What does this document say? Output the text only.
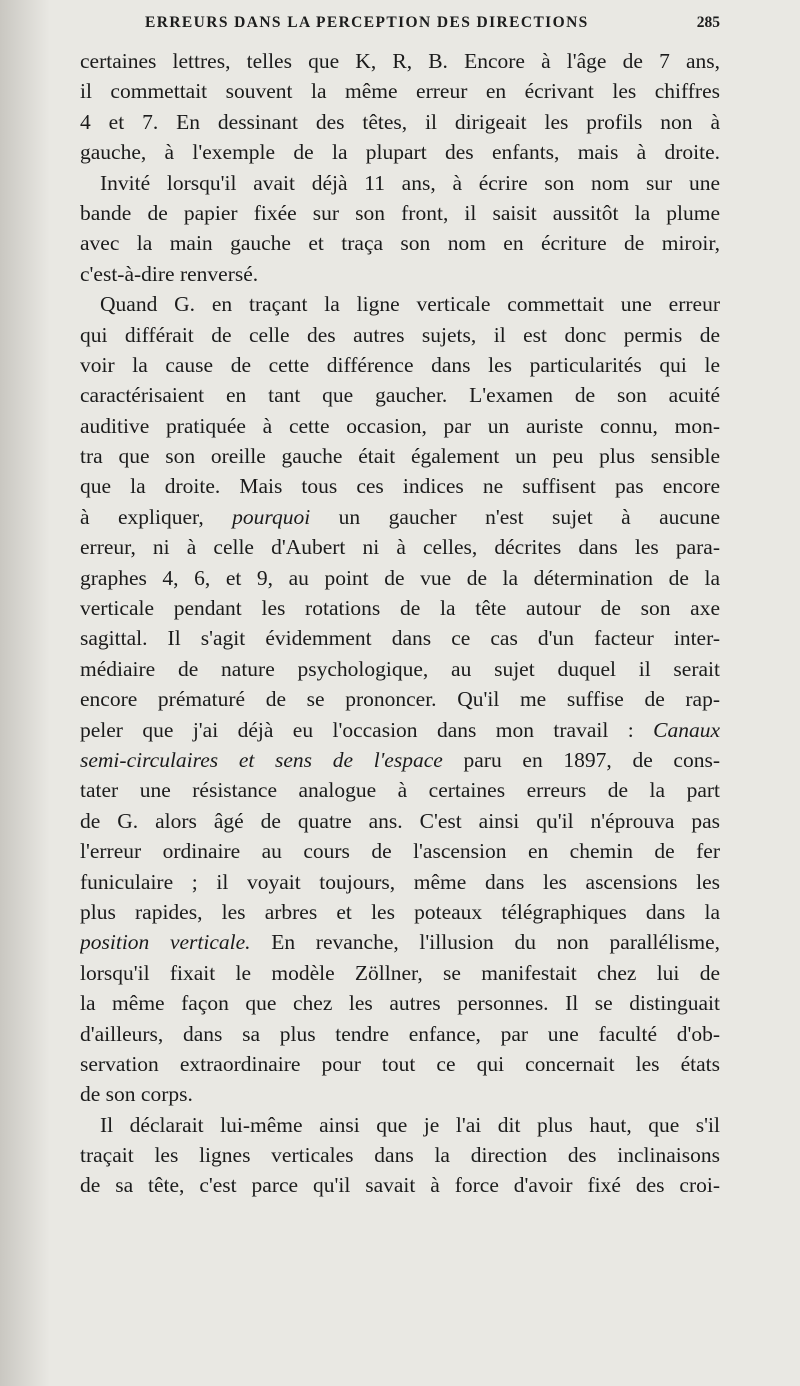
ERREURS DANS LA PERCEPTION DES DIRECTIONS	285
certaines lettres, telles que K, R, B. Encore à l'âge de 7 ans,
il commettait souvent la même erreur en écrivant les chiffres
4 et 7. En dessinant des têtes, il dirigeait les profils non à
gauche, à l'exemple de la plupart des enfants, mais à droite.
Invité lorsqu'il avait déjà 11 ans, à écrire son nom sur une
bande de papier fixée sur son front, il saisit aussitôt la plume
avec la main gauche et traça son nom en écriture de miroir,
c'est-à-dire renversé.
Quand G. en traçant la ligne verticale commettait une erreur
qui différait de celle des autres sujets, il est donc permis de
voir la cause de cette différence dans les particularités qui le
caractérisaient en tant que gaucher. L'examen de son acuité
auditive pratiquée à cette occasion, par un auriste connu, mon-
tra que son oreille gauche était également un peu plus sensible
que la droite. Mais tous ces indices ne suffisent pas encore
à expliquer, pourquoi un gaucher n'est sujet à aucune
erreur, ni à celle d'Aubert ni à celles, décrites dans les para-
graphes 4, 6, et 9, au point de vue de la détermination de la
verticale pendant les rotations de la tête autour de son axe
sagittal. Il s'agit évidemment dans ce cas d'un facteur inter-
médiaire de nature psychologique, au sujet duquel il serait
encore prématuré de se prononcer. Qu'il me suffise de rap-
peler que j'ai déjà eu l'occasion dans mon travail : Canaux
semi-circulaires et sens de l'espace paru en 1897, de cons-
tater une résistance analogue à certaines erreurs de la part
de G. alors âgé de quatre ans. C'est ainsi qu'il n'éprouva pas
l'erreur ordinaire au cours de l'ascension en chemin de fer
funiculaire ; il voyait toujours, même dans les ascensions les
plus rapides, les arbres et les poteaux télégraphiques dans la
position verticale. En revanche, l'illusion du non parallélisme,
lorsqu'il fixait le modèle Zöllner, se manifestait chez lui de
la même façon que chez les autres personnes. Il se distinguait
d'ailleurs, dans sa plus tendre enfance, par une faculté d'ob-
servation extraordinaire pour tout ce qui concernait les états
de son corps.
Il déclarait lui-même ainsi que je l'ai dit plus haut, que s'il
traçait les lignes verticales dans la direction des inclinaisons
de sa tête, c'est parce qu'il savait à force d'avoir fixé des croi-
